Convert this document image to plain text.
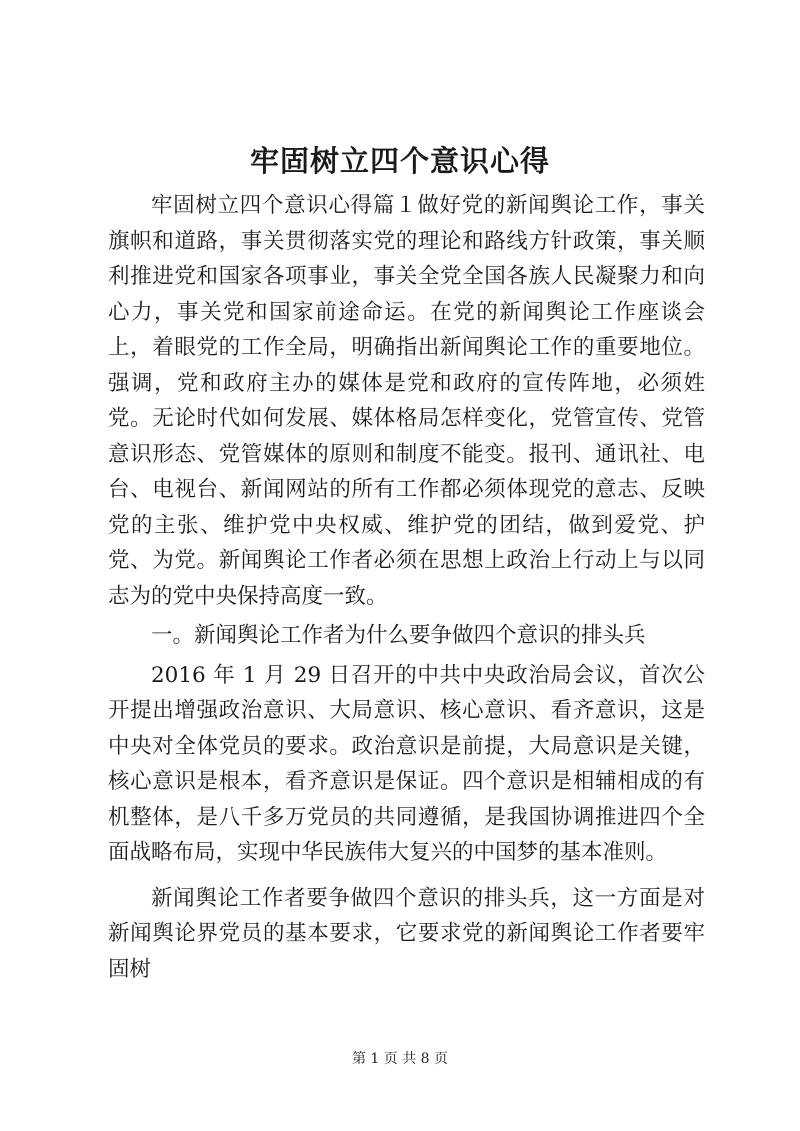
牢固树立四个意识心得

牢固树立四个意识心得篇１做好党的新闻舆论工作，事关旗帜和道路，事关贯彻落实党的理论和路线方针政策，事关顺利推进党和国家各项事业，事关全党全国各族人民凝聚力和向心力，事关党和国家前途命运。在党的新闻舆论工作座谈会上，着眼党的工作全局，明确指出新闻舆论工作的重要地位。强调，党和政府主办的媒体是党和政府的宣传阵地，必须姓党。无论时代如何发展、媒体格局怎样变化，党管宣传、党管意识形态、党管媒体的原则和制度不能变。报刊、通讯社、电台、电视台、新闻网站的所有工作都必须体现党的意志、反映党的主张、维护党中央权威、维护党的团结，做到爱党、护党、为党。新闻舆论工作者必须在思想上政治上行动上与以同志为的党中央保持高度一致。

一。新闻舆论工作者为什么要争做四个意识的排头兵

2016 年 1 月 29 日召开的中共中央政治局会议，首次公开提出增强政治意识、大局意识、核心意识、看齐意识，这是中央对全体党员的要求。政治意识是前提，大局意识是关键，核心意识是根本，看齐意识是保证。四个意识是相辅相成的有机整体，是八千多万党员的共同遵循，是我国协调推进四个全面战略布局，实现中华民族伟大复兴的中国梦的基本准则。

新闻舆论工作者要争做四个意识的排头兵，这一方面是对新闻舆论界党员的基本要求，它要求党的新闻舆论工作者要牢固树

第 1 页 共 8 页
